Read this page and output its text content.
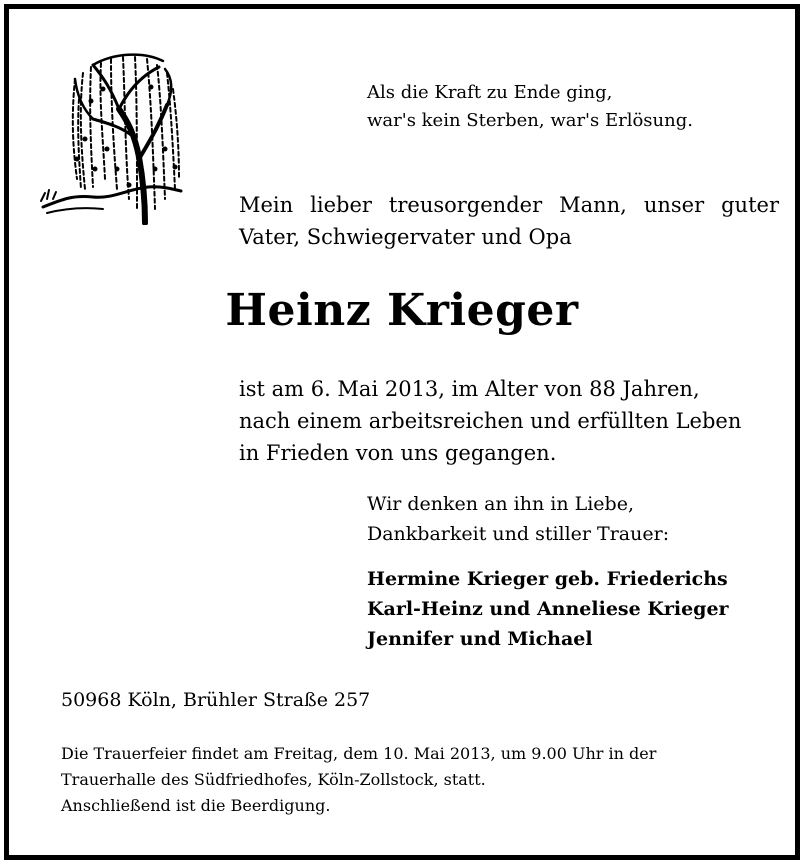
Als die Kraft zu Ende ging,
war's kein Sterben, war's Erlösung.
Mein lieber treusorgender Mann, unser guter
Vater, Schwiegervater und Opa
Heinz Krieger
ist am 6. Mai 2013, im Alter von 88 Jahren,
nach einem arbeitsreichen und erfüllten Leben
in Frieden von uns gegangen.
Wir denken an ihn in Liebe,
Dankbarkeit und stiller Trauer:
Hermine Krieger geb. Friederichs
Karl-Heinz und Anneliese Krieger
Jennifer und Michael
50968 Köln, Brühler Straße 257
Die Trauerfeier findet am Freitag, dem 10. Mai 2013, um 9.00 Uhr in der
Trauerhalle des Südfriedhofes, Köln-Zollstock, statt.
Anschließend ist die Beerdigung.
